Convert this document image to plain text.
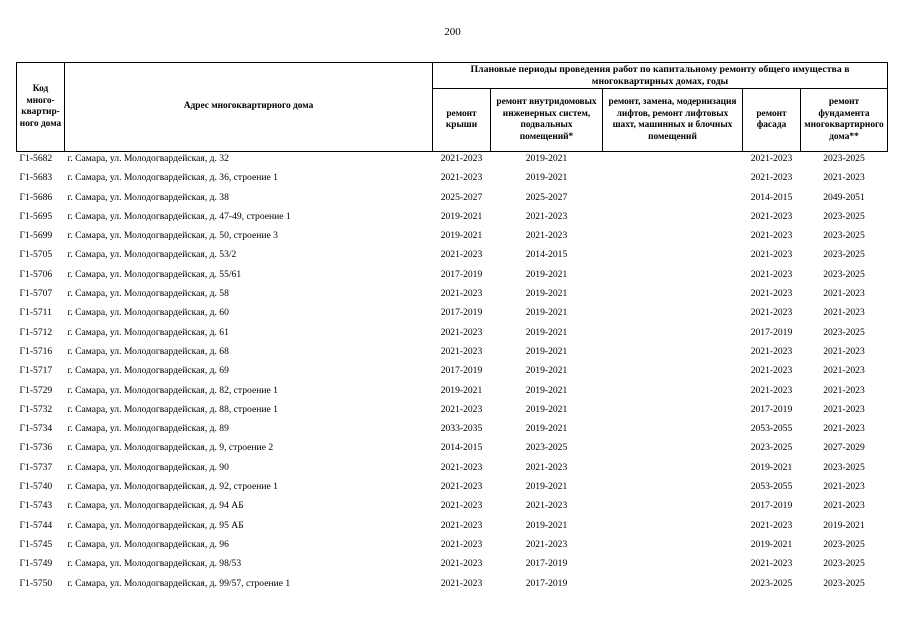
200
Код много-квартир-ного дома	Адрес многоквартирного дома	Плановые периоды проведения работ по капитальному ремонту общего имущества в многоквартирных домах, годы				
		ремонт крыши	ремонт внутридомовых инженерных систем, подвальных помещений*	ремонт, замена, модернизация лифтов, ремонт лифтовых шахт, машинных и блочных помещений	ремонт фасада	ремонт фундамента многоквартирного дома**
Г1-5682	г. Самара, ул. Молодогвардейская, д. 32	2021-2023	2019-2021		2021-2023	2023-2025
Г1-5683	г. Самара, ул. Молодогвардейская, д. 36, строение 1	2021-2023	2019-2021		2021-2023	2021-2023
Г1-5686	г. Самара, ул. Молодогвардейская, д. 38	2025-2027	2025-2027		2014-2015	2049-2051
Г1-5695	г. Самара, ул. Молодогвардейская, д. 47-49, строение 1	2019-2021	2021-2023		2021-2023	2023-2025
Г1-5699	г. Самара, ул. Молодогвардейская, д. 50, строение 3	2019-2021	2021-2023		2021-2023	2023-2025
Г1-5705	г. Самара, ул. Молодогвардейская, д. 53/2	2021-2023	2014-2015		2021-2023	2023-2025
Г1-5706	г. Самара, ул. Молодогвардейская, д. 55/61	2017-2019	2019-2021		2021-2023	2023-2025
Г1-5707	г. Самара, ул. Молодогвардейская, д. 58	2021-2023	2019-2021		2021-2023	2021-2023
Г1-5711	г. Самара, ул. Молодогвардейская, д. 60	2017-2019	2019-2021		2021-2023	2021-2023
Г1-5712	г. Самара, ул. Молодогвардейская, д. 61	2021-2023	2019-2021		2017-2019	2023-2025
Г1-5716	г. Самара, ул. Молодогвардейская, д. 68	2021-2023	2019-2021		2021-2023	2021-2023
Г1-5717	г. Самара, ул. Молодогвардейская, д. 69	2017-2019	2019-2021		2021-2023	2021-2023
Г1-5729	г. Самара, ул. Молодогвардейская, д. 82, строение 1	2019-2021	2019-2021		2021-2023	2021-2023
Г1-5732	г. Самара, ул. Молодогвардейская, д. 88, строение 1	2021-2023	2019-2021		2017-2019	2021-2023
Г1-5734	г. Самара, ул. Молодогвардейская, д. 89	2033-2035	2019-2021		2053-2055	2021-2023
Г1-5736	г. Самара, ул. Молодогвардейская, д. 9, строение 2	2014-2015	2023-2025		2023-2025	2027-2029
Г1-5737	г. Самара, ул. Молодогвардейская, д. 90	2021-2023	2021-2023		2019-2021	2023-2025
Г1-5740	г. Самара, ул. Молодогвардейская, д. 92, строение 1	2021-2023	2019-2021		2053-2055	2021-2023
Г1-5743	г. Самара, ул. Молодогвардейская, д. 94 АБ	2021-2023	2021-2023		2017-2019	2021-2023
Г1-5744	г. Самара, ул. Молодогвардейская, д. 95 АБ	2021-2023	2019-2021		2021-2023	2019-2021
Г1-5745	г. Самара, ул. Молодогвардейская, д. 96	2021-2023	2021-2023		2019-2021	2023-2025
Г1-5749	г. Самара, ул. Молодогвардейская, д. 98/53	2021-2023	2017-2019		2021-2023	2023-2025
Г1-5750	г. Самара, ул. Молодогвардейская, д. 99/57, строение 1	2021-2023	2017-2019		2023-2025	2023-2025
